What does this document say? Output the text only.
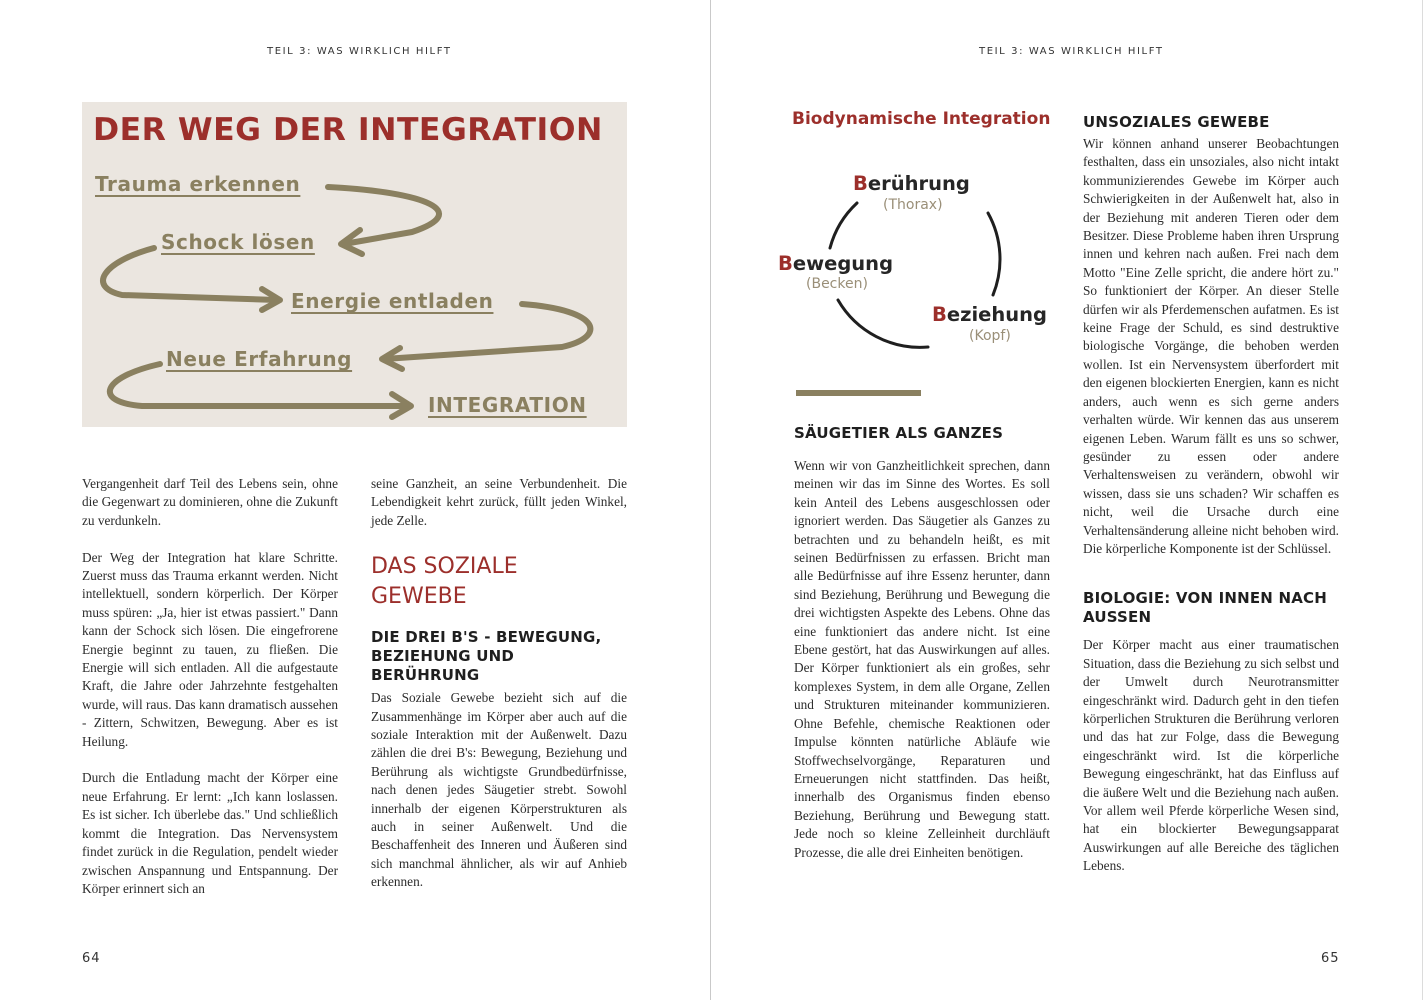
TEIL 3: WAS WIRKLICH HILFT
DER WEG DER INTEGRATION
Trauma erkennen
Schock lösen
Energie entladen
Neue Erfahrung
INTEGRATION

Vergangenheit darf Teil des Lebens sein, ohne die Gegenwart zu dominieren, ohne die Zukunft zu verdunkeln.

Der Weg der Integration hat klare Schritte. Zuerst muss das Trauma erkannt werden. Nicht intellektuell, sondern körperlich. Der Körper muss spüren: „Ja, hier ist etwas passiert." Dann kann der Schock sich lösen. Die eingefrorene Energie beginnt zu tauen, zu fließen. Die Energie will sich entladen. All die aufgestaute Kraft, die Jahre oder Jahrzehnte festgehalten wurde, will raus. Das kann dramatisch aussehen - Zittern, Schwitzen, Bewegung. Aber es ist Heilung.

Durch die Entladung macht der Körper eine neue Erfahrung. Er lernt: „Ich kann loslassen. Es ist sicher. Ich überlebe das." Und schließlich kommt die Integration. Das Nervensystem findet zurück in die Regulation, pendelt wieder zwischen Anspannung und Entspannung. Der Körper erinnert sich an

seine Ganzheit, an seine Verbundenheit. Die Lebendigkeit kehrt zurück, füllt jeden Winkel, jede Zelle.

DAS SOZIALE GEWEBE
DIE DREI B'S - BEWEGUNG, BEZIEHUNG UND BERÜHRUNG

Das Soziale Gewebe bezieht sich auf die Zusammenhänge im Körper aber auch auf die soziale Interaktion mit der Außenwelt. Dazu zählen die drei B's: Bewegung, Beziehung und Berührung als wichtigste Grundbedürfnisse, nach denen jedes Säugetier strebt. Sowohl innerhalb der eigenen Körperstrukturen als auch in seiner Außenwelt. Und die Beschaffenheit des Inneren und Äußeren sind sich manchmal ähnlicher, als wir auf Anhieb erkennen.

64
TEIL 3: WAS WIRKLICH HILFT
Biodynamische Integration
Berührung
(Thorax)
Bewegung
(Becken)
Beziehung
(Kopf)
SÄUGETIER ALS GANZES

Wenn wir von Ganzheitlichkeit sprechen, dann meinen wir das im Sinne des Wortes. Es soll kein Anteil des Lebens ausgeschlossen oder ignoriert werden. Das Säugetier als Ganzes zu betrachten und zu behandeln heißt, es mit seinen Bedürfnissen zu erfassen. Bricht man alle Bedürfnisse auf ihre Essenz herunter, dann sind Beziehung, Berührung und Bewegung die drei wichtigsten Aspekte des Lebens. Ohne das eine funktioniert das andere nicht. Ist eine Ebene gestört, hat das Auswirkungen auf alles. Der Körper funktioniert als ein großes, sehr komplexes System, in dem alle Organe, Zellen und Strukturen miteinander kommunizieren. Ohne Befehle, chemische Reaktionen oder Impulse könnten natürliche Abläufe wie Stoffwechselvorgänge, Reparaturen und Erneuerungen nicht stattfinden. Das heißt, innerhalb des Organismus finden ebenso Beziehung, Berührung und Bewegung statt. Jede noch so kleine Zelleinheit durchläuft Prozesse, die alle drei Einheiten benötigen.

UNSOZIALES GEWEBE

Wir können anhand unserer Beobachtungen festhalten, dass ein unsoziales, also nicht intakt kommunizierendes Gewebe im Körper auch Schwierigkeiten in der Außenwelt hat, also in der Beziehung mit anderen Tieren oder dem Besitzer. Diese Probleme haben ihren Ursprung innen und kehren nach außen. Frei nach dem Motto "Eine Zelle spricht, die andere hört zu." So funktioniert der Körper. An dieser Stelle dürfen wir als Pferdemenschen aufatmen. Es ist keine Frage der Schuld, es sind destruktive biologische Vorgänge, die behoben werden wollen. Ist ein Nervensystem überfordert mit den eigenen blockierten Energien, kann es nicht anders, auch wenn es sich gerne anders verhalten würde. Wir kennen das aus unserem eigenen Leben. Warum fällt es uns so schwer, gesünder zu essen oder andere Verhaltensweisen zu verändern, obwohl wir wissen, dass sie uns schaden? Wir schaffen es nicht, weil die Ursache durch eine Verhaltensänderung alleine nicht behoben wird. Die körperliche Komponente ist der Schlüssel.

BIOLOGIE: VON INNEN NACH AUSSEN

Der Körper macht aus einer traumatischen Situation, dass die Beziehung zu sich selbst und der Umwelt durch Neurotransmitter eingeschränkt wird. Dadurch geht in den tiefen körperlichen Strukturen die Berührung verloren und das hat zur Folge, dass die Bewegung eingeschränkt wird. Ist die körperliche Bewegung eingeschränkt, hat das Einfluss auf die äußere Welt und die Beziehung nach außen. Vor allem weil Pferde körperliche Wesen sind, hat ein blockierter Bewegungsapparat Auswirkungen auf alle Bereiche des täglichen Lebens.

65
